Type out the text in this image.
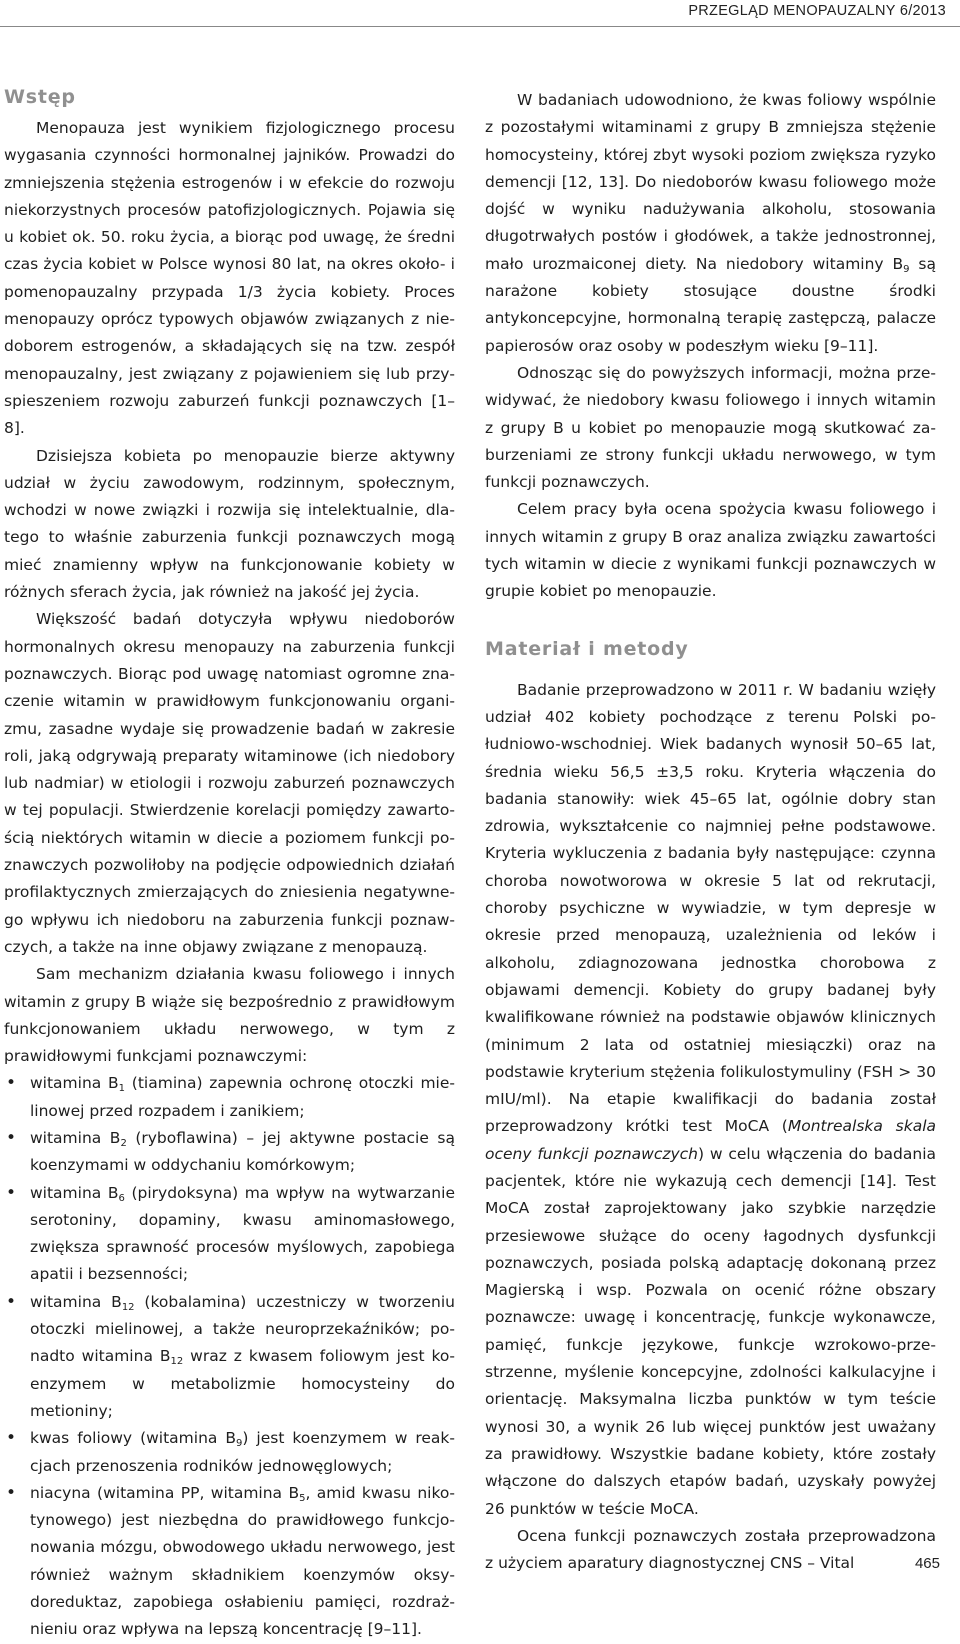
PRZEGLĄD MENOPAUZALNY 6/2013
Wstęp

Menopauza jest wynikiem fizjologicznego procesu wygasania czynności hormonalnej jajników. Prowadzi do zmniejszenia stężenia estrogenów i w efekcie do rozwoju niekorzystnych procesów patofizjologicznych. Pojawia się u kobiet ok. 50. roku życia, a biorąc pod uwagę, że średni czas życia kobiet w Polsce wynosi 80 lat, na okres około- i pomenopauzalny przypada 1/3 życia kobiety. Proces menopauzy oprócz typowych objawów związanych z niedoborem estrogenów, a składających się na tzw. zespół menopauzalny, jest związany z pojawieniem się lub przyspieszeniem rozwoju zaburzeń funkcji poznawczych [1–8].

Dzisiejsza kobieta po menopauzie bierze aktywny udział w życiu zawodowym, rodzinnym, społecznym, wchodzi w nowe związki i rozwija się intelektualnie, dlatego to właśnie zaburzenia funkcji poznawczych mogą mieć znamienny wpływ na funkcjonowanie kobiety w różnych sferach życia, jak również na jakość jej życia.

Większość badań dotyczyła wpływu niedoborów hormonalnych okresu menopauzy na zaburzenia funkcji poznawczych. Biorąc pod uwagę natomiast ogromne znaczenie witamin w prawidłowym funkcjonowaniu organizmu, zasadne wydaje się prowadzenie badań w zakresie roli, jaką odgrywają preparaty witaminowe (ich niedobory lub nadmiar) w etiologii i rozwoju zaburzeń poznawczych w tej populacji. Stwierdzenie korelacji pomiędzy zawartością niektórych witamin w diecie a poziomem funkcji poznawczych pozwoliłoby na podjęcie odpowiednich działań profilaktycznych zmierzających do zniesienia negatywnego wpływu ich niedoboru na zaburzenia funkcji poznawczych, a także na inne objawy związane z menopauzą.

Sam mechanizm działania kwasu foliowego i innych witamin z grupy B wiąże się bezpośrednio z prawidłowym funkcjonowaniem układu nerwowego, w tym z prawidłowymi funkcjami poznawczymi:

• witamina $B_1$ (tiamina) zapewnia ochronę otoczki mielinowej przed rozpadem i zanikiem;
• witamina $B_2$ (ryboflawina) – jej aktywne postacie są koenzymami w oddychaniu komórkowym;
• witamina $B_6$ (pirydoksyna) ma wpływ na wytwarzanie serotoniny, dopaminy, kwasu aminomasłowego, zwiększa sprawność procesów myślowych, zapobiega apatii i bezsenności;
• witamina $B_{12}$ (kobalamina) uczestniczy w tworzeniu otoczki mielinowej, a także neuroprzekaźników; ponadto witamina $B_{12}$ wraz z kwasem foliowym jest koenzymem w metabolizmie homocysteiny do metioniny;
• kwas foliowy (witamina $B_9$) jest koenzymem w reakcjach przenoszenia rodników jednowęglowych;
• niacyna (witamina PP, witamina $B_5$, amid kwasu nikotynowego) jest niezbędna do prawidłowego funkcjonowania mózgu, obwodowego układu nerwowego, jest również ważnym składnikiem koenzymów oksydoreduktaz, zapobiega osłabieniu pamięci, rozdrażnieniu oraz wpływa na lepszą koncentrację [9–11].

W badaniach udowodniono, że kwas foliowy wspólnie z pozostałymi witaminami z grupy B zmniejsza stężenie homocysteiny, której zbyt wysoki poziom zwiększa ryzyko demencji [12, 13]. Do niedoborów kwasu foliowego może dojść w wyniku nadużywania alkoholu, stosowania długotrwałych postów i głodówek, a także jednostronnej, mało urozmaiconej diety. Na niedobory witaminy $B_9$ są narażone kobiety stosujące doustne środki antykoncepcyjne, hormonalną terapię zastępczą, palacze papierosów oraz osoby w podeszłym wieku [9–11].

Odnosząc się do powyższych informacji, można przewidywać, że niedobory kwasu foliowego i innych witamin z grupy B u kobiet po menopauzie mogą skutkować zaburzeniami ze strony funkcji układu nerwowego, w tym funkcji poznawczych.

Celem pracy była ocena spożycia kwasu foliowego i innych witamin z grupy B oraz analiza związku zawartości tych witamin w diecie z wynikami funkcji poznawczych w grupie kobiet po menopauzie.

Materiał i metody

Badanie przeprowadzono w 2011 r. W badaniu wzięły udział 402 kobiety pochodzące z terenu Polski południowo-wschodniej. Wiek badanych wynosił 50–65 lat, średnia wieku 56,5 ±3,5 roku. Kryteria włączenia do badania stanowiły: wiek 45–65 lat, ogólnie dobry stan zdrowia, wykształcenie co najmniej pełne podstawowe. Kryteria wykluczenia z badania były następujące: czynna choroba nowotworowa w okresie 5 lat od rekrutacji, choroby psychiczne w wywiadzie, w tym depresje w okresie przed menopauzą, uzależnienia od leków i alkoholu, zdiagnozowana jednostka chorobowa z objawami demencji. Kobiety do grupy badanej były kwalifikowane również na podstawie objawów klinicznych (minimum 2 lata od ostatniej miesiączki) oraz na podstawie kryterium stężenia folikulostymuliny (FSH > 30 mIU/ml). Na etapie kwalifikacji do badania został przeprowadzony krótki test MoCA (Montrealska skala oceny funkcji poznawczych) w celu włączenia do badania pacjentek, które nie wykazują cech demencji [14]. Test MoCA został zaprojektowany jako szybkie narzędzie przesiewowe służące do oceny łagodnych dysfunkcji poznawczych, posiada polską adaptację dokonaną przez Magierską i wsp. Pozwala on ocenić różne obszary poznawcze: uwagę i koncentrację, funkcje wykonawcze, pamięć, funkcje językowe, funkcje wzrokowo-przestrzenne, myślenie koncepcyjne, zdolności kalkulacyjne i orientację. Maksymalna liczba punktów w tym teście wynosi 30, a wynik 26 lub więcej punktów jest uważany za prawidłowy. Wszystkie badane kobiety, które zostały włączone do dalszych etapów badań, uzyskały powyżej 26 punktów w teście MoCA.

Ocena funkcji poznawczych została przeprowadzona z użyciem aparatury diagnostycznej CNS – Vital	465
